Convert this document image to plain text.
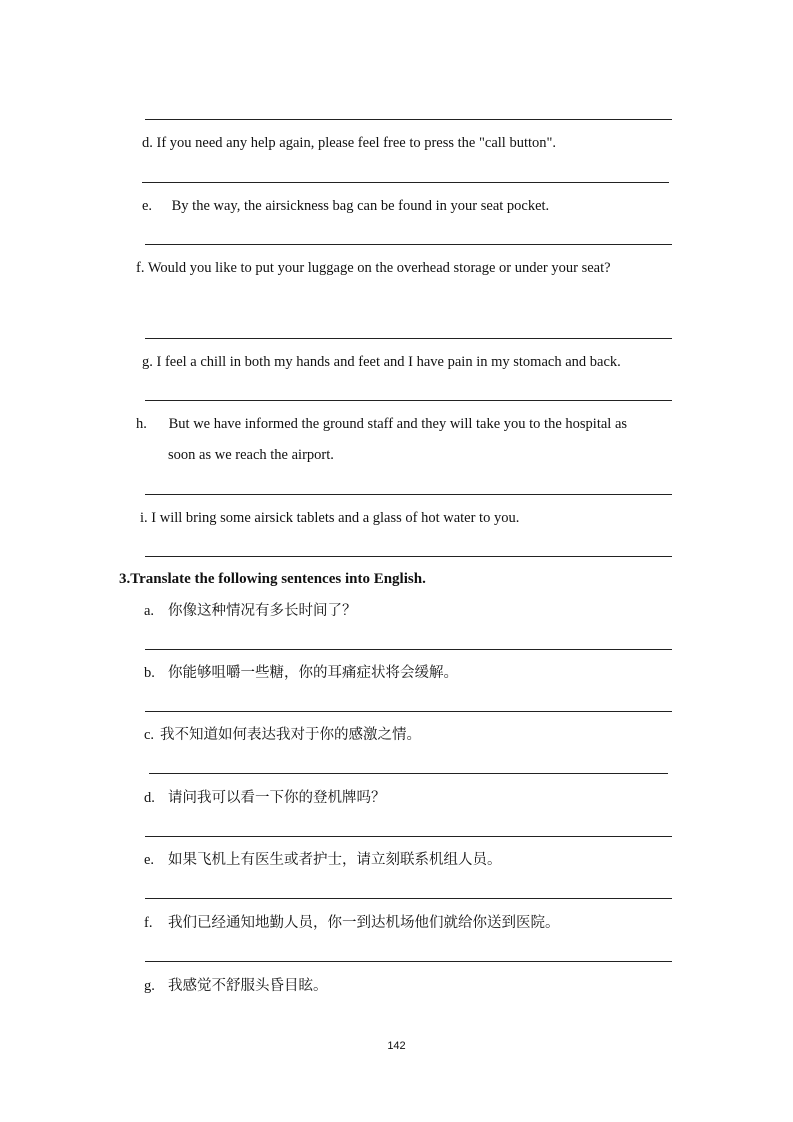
d. If you need any help again, please feel free to press the "call button".
e. By the way, the airsickness bag can be found in your seat pocket.
f. Would you like to put your luggage on the overhead storage or under your seat?
g. I feel a chill in both my hands and feet and I have pain in my stomach and back.
h. But we have informed the ground staff and they will take you to the hospital as
soon as we reach the airport.
i. I will bring some airsick tablets and a glass of hot water to you.
3.Translate the following sentences into English.
a. 你像这种情况有多长时间了？
b. 你能够咀嚼一些糖，你的耳痛症状将会缓解。
c. 我不知道如何表达我对于你的感激之情。
d. 请问我可以看一下你的登机牌吗？
e. 如果飞机上有医生或者护士，请立刻联系机组人员。
f. 我们已经通知地勤人员，你一到达机场他们就给你送到医院。
g. 我感觉不舒服头昏目眩。
142
